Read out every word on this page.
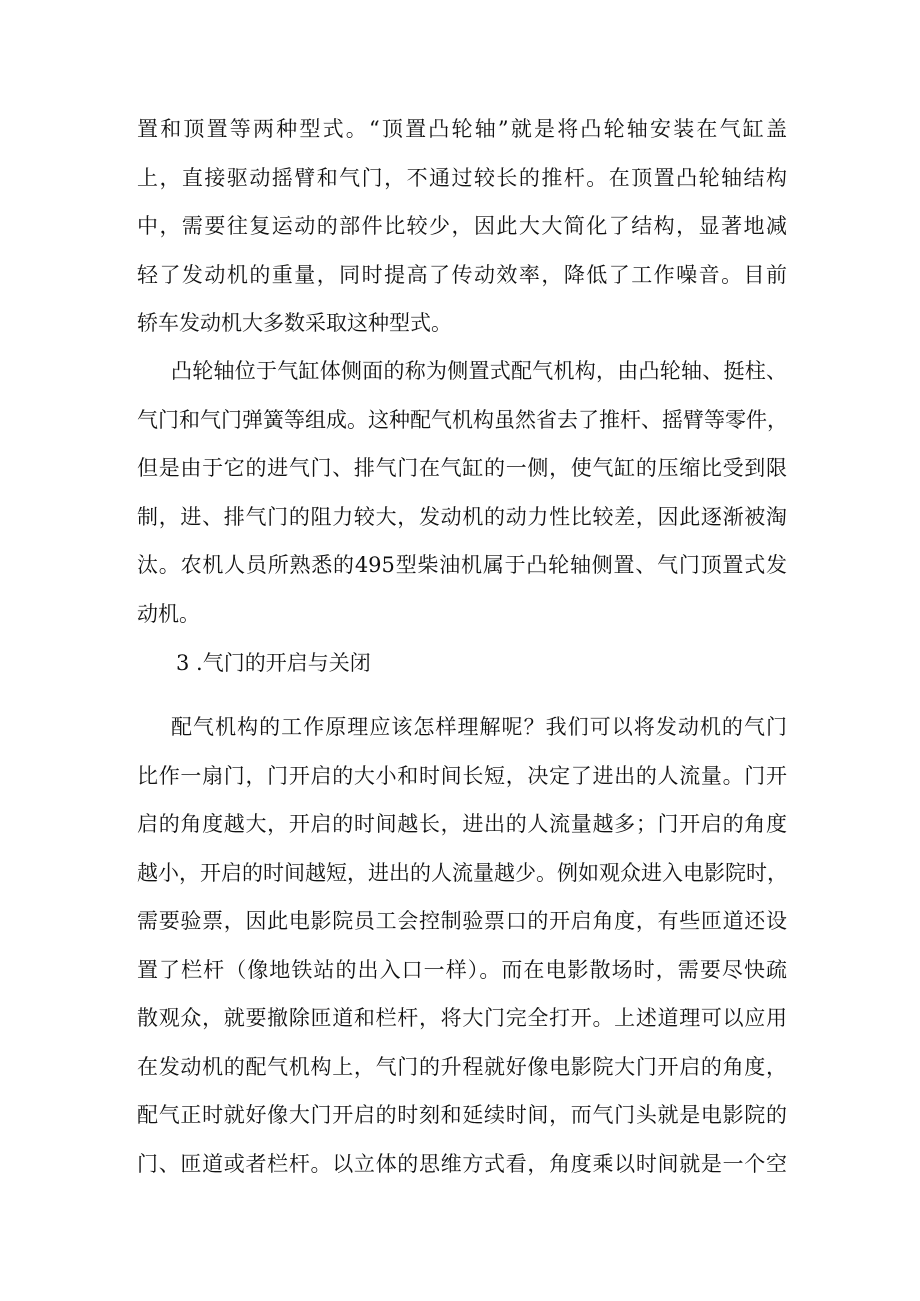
置和顶置等两种型式。“顶置凸轮轴”就是将凸轮轴安装在气缸盖
上，直接驱动摇臂和气门，不通过较长的推杆。在顶置凸轮轴结构
中，需要往复运动的部件比较少，因此大大简化了结构，显著地减
轻了发动机的重量，同时提高了传动效率，降低了工作噪音。目前
轿车发动机大多数采取这种型式。
凸轮轴位于气缸体侧面的称为侧置式配气机构，由凸轮轴、挺柱、
气门和气门弹簧等组成。这种配气机构虽然省去了推杆、摇臂等零件，
但是由于它的进气门、排气门在气缸的一侧，使气缸的压缩比受到限
制，进、排气门的阻力较大，发动机的动力性比较差，因此逐渐被淘
汰。农机人员所熟悉的495型柴油机属于凸轮轴侧置、气门顶置式发
动机。
3 .气门的开启与关闭
配气机构的工作原理应该怎样理解呢？我们可以将发动机的气门
比作一扇门，门开启的大小和时间长短，决定了进出的人流量。门开
启的角度越大，开启的时间越长，进出的人流量越多；门开启的角度
越小，开启的时间越短，进出的人流量越少。例如观众进入电影院时，
需要验票，因此电影院员工会控制验票口的开启角度，有些匝道还设
置了栏杆（像地铁站的出入口一样）。而在电影散场时，需要尽快疏
散观众，就要撤除匝道和栏杆，将大门完全打开。上述道理可以应用
在发动机的配气机构上，气门的升程就好像电影院大门开启的角度，
配气正时就好像大门开启的时刻和延续时间，而气门头就是电影院的
门、匝道或者栏杆。以立体的思维方式看，角度乘以时间就是一个空
